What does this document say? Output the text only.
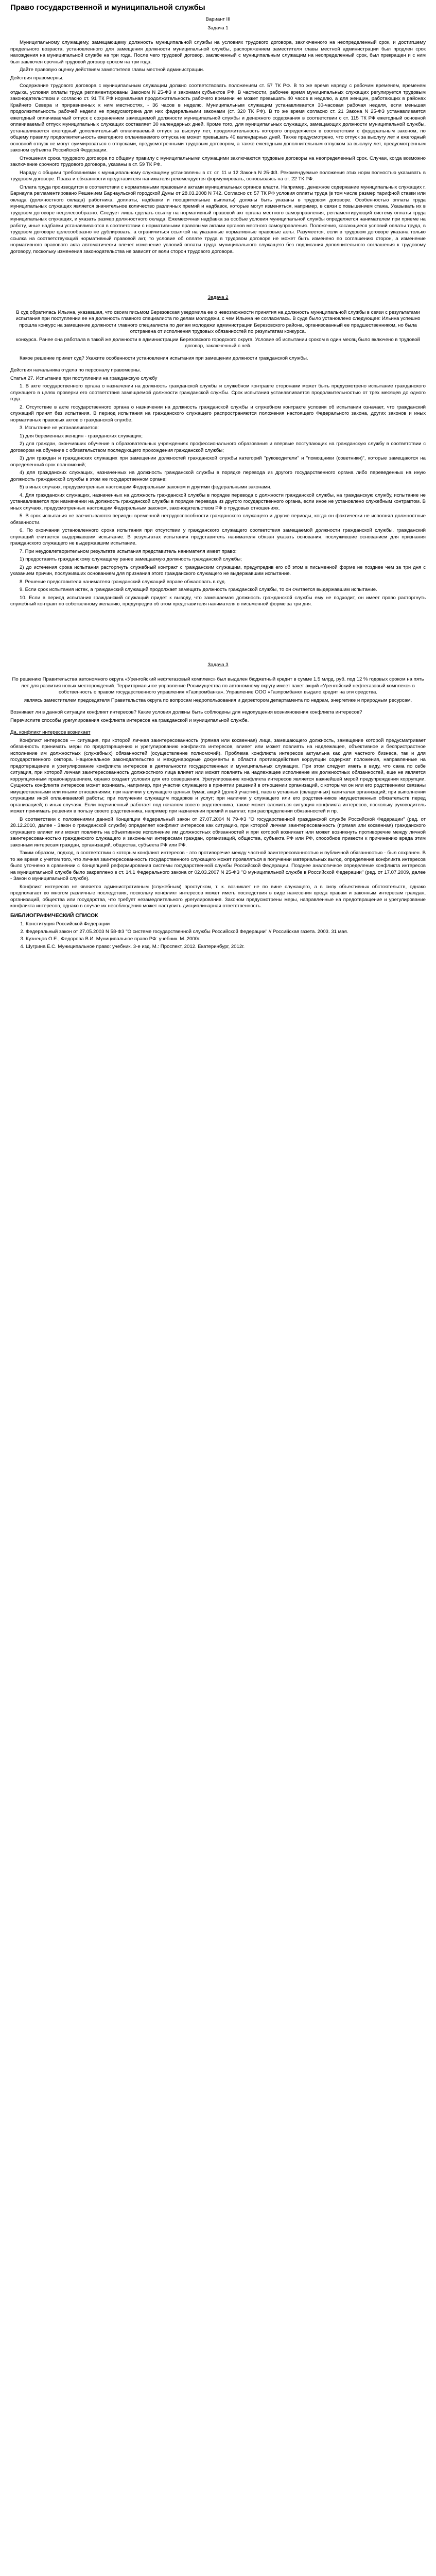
Право государственной и муниципальной службы
Вариант III
Задача 1

Муниципальному служащему, замещающему должность муниципальной службы на условиях трудового договора, заключенного на неопределенный срок, и достигшему предельного возраста, установленного для замещения должности муниципальной службы, распоряжением заместителя главы местной администрации был продлен срок нахождения на муниципальной службе на три года. После чего трудовой договор, заключенный с муниципальным служащим на неопределенный срок, был прекращен и с ним был заключен срочный трудовой договор сроком на три года.

Дайте правовую оценку действиям заместителя главы местной администрации.

Действия правомерны.

Содержание трудового договора с муниципальным служащим должно соответствовать положениям ст. 57 ТК РФ. В то же время наряду с рабочим временем, временем отдыха, условия оплаты труда регламентированы Законом N 25-ФЗ и законами субъектов РФ. В частности, рабочее время муниципальных служащих регулируется трудовым законодательством и согласно ст. 91 ТК РФ нормальная продолжительность рабочего времени не может превышать 40 часов в неделю, а для женщин, работающих в районах Крайнего Севера и приравненных к ним местностях, - 36 часов в неделю. Муниципальным служащим устанавливается 30-часовая рабочая неделя, если меньшая продолжительность рабочей недели не предусмотрена для них федеральными законами (ст. 320 ТК РФ). В то же время согласно ст. 21 Закона N 25-ФЗ устанавливается ежегодный оплачиваемый отпуск с сохранением замещаемой должности муниципальной службы и денежного содержания в соответствии с ст. 115 ТК РФ ежегодный основной оплачиваемый отпуск муниципальных служащих составляет 30 календарных дней. Кроме того, для муниципальных служащих, замещающих должности муниципальной службы, устанавливается ежегодный дополнительный оплачиваемый отпуск за выслугу лет, продолжительность которого определяется в соответствии с федеральным законом, по общему правилу продолжительность ежегодного оплачиваемого отпуска не может превышать 40 календарных дней. Также предусмотрено, что отпуск за выслугу лет и ежегодный основной отпуск не могут суммироваться с отпусками, предусмотренными трудовым договором, а также ежегодным дополнительным отпуском за выслугу лет, предусмотренным законом субъекта Российской Федерации.

Отношения срока трудового договора по общему правилу с муниципальными служащими заключаются трудовые договоры на неопределенный срок. Случаи, когда возможно заключение срочного трудового договора, указаны в ст. 59 ТК РФ.

Наряду с общими требованиями к муниципальному служащему установлены в ст. ст. 11 и 12 Закона N 25-ФЗ. Рекомендуемые положения этих норм полностью указывать в трудовом договоре. Права и обязанности представителя нанимателя рекомендуется формулировать, основываясь на ст. 22 ТК РФ.

Оплата труда производится в соответствии с нормативными правовыми актами муниципальных органов власти. Например, денежное содержание муниципальных служащих г. Барнаула регламентировано Решением Барнаульской городской Думы от 28.03.2008 N 742. Согласно ст. 57 ТК РФ условия оплаты труда (в том числе размер тарифной ставки или оклада (должностного оклада) работника, доплаты, надбавки и поощрительные выплаты) должны быть указаны в трудовом договоре. Особенностью оплаты труда муниципальных служащих является значительное количество различных премий и надбавок, которые могут изменяться, например, в связи с повышением стажа. Указывать их в трудовом договоре нецелесообразно. Следует лишь сделать ссылку на нормативный правовой акт органа местного самоуправления, регламентирующий систему оплаты труда муниципальных служащих, и указать размер должностного оклада. Ежемесячная надбавка за особые условия муниципальной службы определяется нанимателем при приеме на работу, иные надбавки устанавливаются в соответствии с нормативными правовыми актами органов местного самоуправления. Положения, касающиеся условий оплаты труда, в трудовом договоре целесообразно не дублировать, а ограничиться ссылкой на указанные нормативные правовые акты. Разумеется, если в трудовом договоре указана только ссылка на соответствующий нормативный правовой акт, то условие об оплате труда в трудовом договоре не может быть изменено по соглашению сторон, а изменение нормативного правового акта автоматически влечет изменение условий оплаты труда муниципального служащего без подписания дополнительного соглашения к трудовому договору, поскольку изменения законодательства не зависят от воли сторон трудового договора.

Задача 2

В суд обратилась Ильина, указавшая, что своим письмом Березовская уведомила ее о невозможности принятия на должность муниципальной службы в связи с результатами испытания при поступлении ее на должность главного специалиста по делам молодежи, с чем Ильина не согласилась. В суде было установлено следующее: Ильина успешно прошла конкурс на замещение должности главного специалиста по делам молодежи администрации Березовского района, организованный ее предшественником, но была отстранена от исполнения трудовых обязанностей по результатам конкурса.

конкурса. Ранее она работала в такой же должности в администрации Березовского городского округа. Условие об испытании сроком в один месяц было включено в трудовой договор, заключенный с ней.

Какое решение примет суд? Укажите особенности установления испытания при замещении должности гражданской службы.

Действия начальника отдела по персоналу правомерны.

Статья 27. Испытание при поступлении на гражданскую службу

1. В акте государственного органа о назначении на должность гражданской службы и служебном контракте сторонами может быть предусмотрено испытание гражданского служащего в целях проверки его соответствия замещаемой должности гражданской службы. Срок испытания устанавливается продолжительностью от трех месяцев до одного года.

2. Отсутствие в акте государственного органа о назначении на должность гражданской службы и служебном контракте условия об испытании означает, что гражданский служащий принят без испытания. В период испытания на гражданского служащего распространяются положения настоящего Федерального закона, других законов и иных нормативных правовых актов о гражданской службе.

3. Испытание не устанавливается:

1) для беременных женщин - гражданских служащих;

2) для граждан, окончивших обучение в образовательных учреждениях профессионального образования и впервые поступающих на гражданскую службу в соответствии с договором на обучение с обязательством последующего прохождения гражданской службы;

3) для граждан и гражданских служащих при замещении должностей гражданской службы категорий "руководители" и "помощники (советники)", которые замещаются на определенный срок полномочий;

4) для гражданских служащих, назначенных на должность гражданской службы в порядке перевода из другого государственного органа либо переведенных на иную должность гражданской службы в этом же государственном органе;

5) в иных случаях, предусмотренных настоящим Федеральным законом и другими федеральными законами.

4. Для гражданских служащих, назначенных на должность гражданской службы в порядке перевода с должности гражданской службы, на гражданскую службу, испытание не устанавливается при назначении на должность гражданской службы в порядке перевода из другого государственного органа, если иное не установлено служебным контрактом. В иных случаях, предусмотренных настоящим Федеральным законом, законодательством РФ о трудовых отношениях.

5. В срок испытания не засчитываются периоды временной нетрудоспособности гражданского служащего и другие периоды, когда он фактически не исполнял должностные обязанности.

6. По окончании установленного срока испытания при отсутствии у гражданского служащего соответствия замещаемой должности гражданской службы, гражданский служащий считается выдержавшим испытание. В результатах испытания представитель нанимателя обязан указать основания, послужившие основанием для признания гражданского служащего не выдержавшим испытание.

7. При неудовлетворительном результате испытания представитель нанимателя имеет право:

1) предоставить гражданскому служащему ранее замещаемую должность гражданской службы;

2) до истечения срока испытания расторгнуть служебный контракт с гражданским служащим, предупредив его об этом в письменной форме не позднее чем за три дня с указанием причин, послуживших основанием для признания этого гражданского служащего не выдержавшим испытание.

8. Решение представителя нанимателя гражданский служащий вправе обжаловать в суд.

9. Если срок испытания истек, а гражданский служащий продолжает замещать должность гражданской службы, то он считается выдержавшим испытание.

10. Если в период испытания гражданский служащий придет к выводу, что замещаемая должность гражданской службы ему не подходит, он имеет право расторгнуть служебный контракт по собственному желанию, предупредив об этом представителя нанимателя в письменной форме за три дня.

Задача 3

По решению Правительства автономного округа «Уренгойский нефтегазовый комплекс» был выделен бюджетный кредит в сумме 1,5 млрд. руб. под 12 % годовых сроком на пять лет для развития новых месторождений. Территориальное управление Росимущества по автономному округу имеет пакет акций «Уренгойский нефтегазовый комплекс» в собственность с правом государственного управления «Газпромбанка». Управление ООО «Газпромбанк» выдало кредит на эти средства.

являясь заместителем председателя Правительства округа по вопросам недропользования и директором департамента по недрам, энергетике и природным ресурсам.

Возникает ли в данной ситуации конфликт интересов? Какие условия должны быть соблюдены для недопущения возникновения конфликта интересов?

Перечислите способы урегулирования конфликта интересов на гражданской и муниципальной службе.

Да, конфликт интересов возникает

Конфликт интересов — ситуация, при которой личная заинтересованность (прямая или косвенная) лица, замещающего должность, замещение которой предусматривает обязанность принимать меры по предотвращению и урегулированию конфликта интересов, влияет или может повлиять на надлежащее, объективное и беспристрастное исполнение им должностных (служебных) обязанностей (осуществление полномочий). Проблема конфликта интересов актуальна как для частного бизнеса, так и для государственного сектора. Национальное законодательство и международные документы в области противодействия коррупции содержат положения, направленные на предотвращение и урегулирование конфликта интересов в деятельности государственных и муниципальных служащих. При этом следует иметь в виду, что сама по себе ситуация, при которой личная заинтересованность должностного лица влияет или может повлиять на надлежащее исполнение им должностных обязанностей, еще не является коррупционным правонарушением, однако создает условия для его совершения. Урегулирование конфликта интересов является важнейшей мерой предупреждения коррупции. Сущность конфликта интересов может возникать, например, при участии служащего в принятии решений в отношении организаций, с которыми он или его родственники связаны имущественными или иными отношениями; при наличии у служащего ценных бумаг, акций (долей участия), паев в уставных (складочных) капиталах организаций; при выполнении служащим иной оплачиваемой работы; при получении служащим подарков и услуг; при наличии у служащего или его родственников имущественных обязательств перед организацией; в иных случаях. Если подчиненный работает под началом своего родственника, также может сложиться ситуация конфликта интересов, поскольку руководитель может принимать решения в пользу своего родственника, например при назначении премий и выплат, при распределении обязанностей и пр.

В соответствии с положениями данной Концепции Федеральный закон от 27.07.2004 N 79-ФЗ "О государственной гражданской службе Российской Федерации" (ред. от 28.12.2010, далее - Закон о гражданской службе) определяет конфликт интересов как ситуацию, при которой личная заинтересованность (прямая или косвенная) гражданского служащего влияет или может повлиять на объективное исполнение им должностных обязанностей и при которой возникает или может возникнуть противоречие между личной заинтересованностью гражданского служащего и законными интересами граждан, организаций, общества, субъекта РФ или РФ, способное привести к причинению вреда этим законным интересам граждан, организаций, общества, субъекта РФ или РФ.

Таким образом, подход, в соответствии с которым конфликт интересов - это противоречие между частной заинтересованностью и публичной обязанностью - был сохранен. В то же время с учетом того, что личная заинтересованность государственного служащего может проявляться в получении материальных выгод, определение конфликта интересов было уточнено в сравнении с Концепцией реформирования системы государственной службы Российской Федерации. Позднее аналогичное определение конфликта интересов на муниципальной службе было закреплено в ст. 14.1 Федерального закона от 02.03.2007 N 25-ФЗ "О муниципальной службе в Российской Федерации" (ред. от 17.07.2009, далее - Закон о муниципальной службе).

Конфликт интересов не является административным (служебным) проступком, т. к. возникает не по вине служащего, а в силу объективных обстоятельств, однако предполагает во многом различные последствия, поскольку конфликт интересов может иметь последствия в виде нанесения вреда правам и законным интересам граждан, организаций, общества или государства, что требует незамедлительного урегулирования. Законом предусмотрены меры, направленные на предотвращение и урегулирование конфликта интересов, однако в случае их несоблюдения может наступить дисциплинарная ответственность.

БИБЛИОГРАФИЧЕСКИЙ СПИСОК
1. Конституция Российской Федерации
2. Федеральный закон от 27.05.2003 N 58-ФЗ "О системе государственной службы Российской Федерации" // Российская газета. 2003. 31 мая.
3. Кузнецов О.Е., Федорова В.И. Муниципальное право РФ: учебник. М.,2000г.
4. Шугрина Е.С. Муниципальное право: учебник. 3-е изд. М.: Проспект, 2012. Екатеринбург, 2012г.
